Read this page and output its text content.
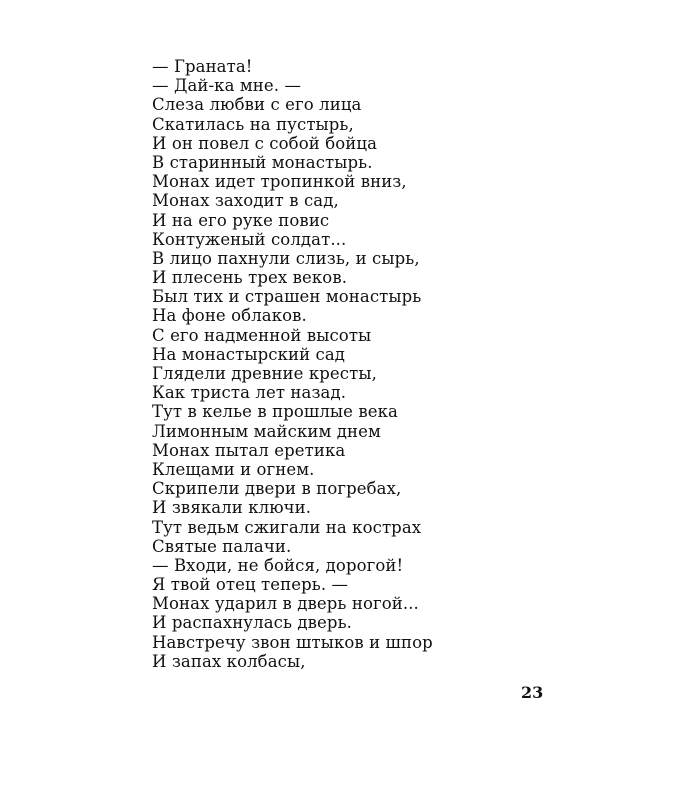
— Граната!
— Дай-ка мне. —
Слеза любви с его лица
Скатилась на пустырь,
И он повел с собой бойца
В старинный монастырь.
Монах идет тропинкой вниз,
Монах заходит в сад,
И на его руке повис
Контуженый солдат...
В лицо пахнули слизь, и сырь,
И плесень трех веков.
Был тих и страшен монастырь
На фоне облаков.
С его надменной высоты
На монастырский сад
Глядели древние кресты,
Как триста лет назад.
Тут в келье в прошлые века
Лимонным майским днем
Монах пытал еретика
Клещами и огнем.
Скрипели двери в погребах,
И звякали ключи.
Тут ведьм сжигали на кострах
Святые палачи.
— Входи, не бойся, дорогой!
Я твой отец теперь. —
Монах ударил в дверь ногой...
И распахнулась дверь.
Навстречу звон штыков и шпор
И запах колбасы,
23
